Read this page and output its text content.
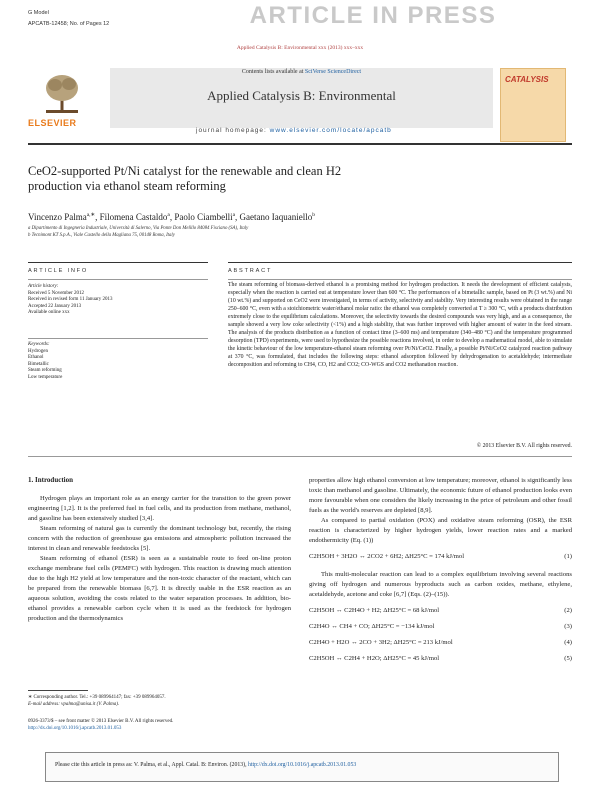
G Model
APCATB-12458; No. of Pages 12	ARTICLE IN PRESS
Applied Catalysis B: Environmental xxx (2013) xxx–xxx
ELSEVIER
Contents lists available at SciVerse ScienceDirect
Applied Catalysis B: Environmental
journal homepage: www.elsevier.com/locate/apcatb
CATALYSIS
CeO2-supported Pt/Ni catalyst for the renewable and clean H2
production via ethanol steam reforming
Vincenzo Palma$^{a,∗}$, Filomena Castaldo$^a$, Paolo Ciambelli$^a$, Gaetano Iaquaniello$^b$
a Dipartimento di Ingegneria Industriale, Università di Salerno, Via Ponte Don Melillo 84084 Fisciano (SA), Italy
b Tecnimont KT S.p.A., Viale Castello della Magliana 75, 00148 Roma, Italy
ARTICLE INFO	ABSTRACT
Article history:
Received 5 November 2012
Received in revised form 11 January 2013
Accepted 22 January 2013
Available online xxx
Keywords:
Hydrogen
Ethanol
Bimetallic
Steam reforming
Low temperature
The steam reforming of biomass-derived ethanol is a promising method for hydrogen production. It needs the development of efficient catalysts, especially when the reaction is carried out at temperature lower than 600 °C. The performances of a bimetallic sample, based on Pt (3 wt.%) and Ni (10 wt.%) and supported on CeO2 were investigated, in terms of activity, selectivity and stability. Very interesting results were obtained in the range 250–600 °C, even with a stoichiometric water/ethanol molar ratio: the ethanol was completely converted at T ≥ 300 °C, with a products distribution extremely close to the equilibrium calculations. Moreover, the selectivity towards the desired compounds was very high, and as a consequence, the sample showed a very low coke selectivity (<1%) and a high stability, that was further improved with higher amount of water in the feed stream. The analysis of the products distribution as a function of contact time (3–600 ms) and temperature (340–480 °C) and the temperature programmed desorption (TPD) experiments, were used to hypothesize the possible reactions involved, in order to develop a mathematical model, able to simulate the kinetic behaviour of the low temperature-ethanol steam reforming over Pt/Ni/CeO2. Finally, a possible Pt/Ni/CeO2 catalyzed reaction pathway at 370 °C, was formulated, that includes the following steps: ethanol adsorption followed by dehydrogenation to acetaldehyde; intermediate decomposition and reforming to CH4, CO, H2 and CO2; CO-WGS and CO2 methanation reaction.
© 2013 Elsevier B.V. All rights reserved.
1. Introduction
Hydrogen plays an important role as an energy carrier for the transition to the green power engineering [1,2]. It is the preferred fuel in fuel cells, and its production from methane, methanol, and gasoline has been extensively studied [3,4].
Steam reforming of natural gas is currently the dominant technology but, recently, the rising concern with the reduction of greenhouse gas emissions and atmospheric pollution increased the interest in clean and renewable feedstocks [5].
Steam reforming of ethanol (ESR) is seen as a sustainable route to feed on-line proton exchange membrane fuel cells (PEMFC) with hydrogen. This reaction is drawing much attention due to the high H2 yield at low temperature and the non-toxic character of the reactant, which can be prepared from the renewable biomass [6,7]. It is directly usable in the ESR reaction as an aqueous solution, avoiding the costs related to the water separation processes. In addition, bio-ethanol provides a renewable carbon cycle when it is used as the feedstock for hydrogen production and the thermodynamics
∗ Corresponding author. Tel.: +39 089964147; fax: +39 089964057.
E-mail address: vpalma@unisa.it (V. Palma).
0926-3373/$ – see front matter © 2013 Elsevier B.V. All rights reserved.
http://dx.doi.org/10.1016/j.apcatb.2013.01.053
properties allow high ethanol conversion at low temperature; moreover, ethanol is significantly less toxic than methanol and gasoline. Ultimately, the economic future of ethanol production looks even more favourable when one considers the likely increasing in the price of petroleum and other fossil fuels as the world's reserves are depleted [8,9].
As compared to partial oxidation (POX) and oxidative steam reforming (OSR), the ESR reaction is characterized by higher hydrogen yields, lower reaction rates and a marked endothermicity (Eq. (1))
C2H5OH + 3H2O ↔ 2CO2 + 6H2; ΔH25°C = 174 kJ/mol	(1)
This multi-molecular reaction can lead to a complex equilibrium involving several reactions giving off hydrogen and numerous byproducts such as carbon oxides, methane, ethylene, acetaldehyde, acetone and coke [6,7] (Eqs. (2)–(15)).
C2H5OH ↔ C2H4O + H2; ΔH25°C = 68 kJ/mol	(2)
C2H4O ↔ CH4 + CO; ΔH25°C = −134 kJ/mol	(3)
C2H4O + H2O ↔ 2CO + 3H2; ΔH25°C = 213 kJ/mol	(4)
C2H5OH ↔ C2H4 + H2O; ΔH25°C = 45 kJ/mol	(5)
Please cite this article in press as: V. Palma, et al., Appl. Catal. B: Environ. (2013), http://dx.doi.org/10.1016/j.apcatb.2013.01.053
